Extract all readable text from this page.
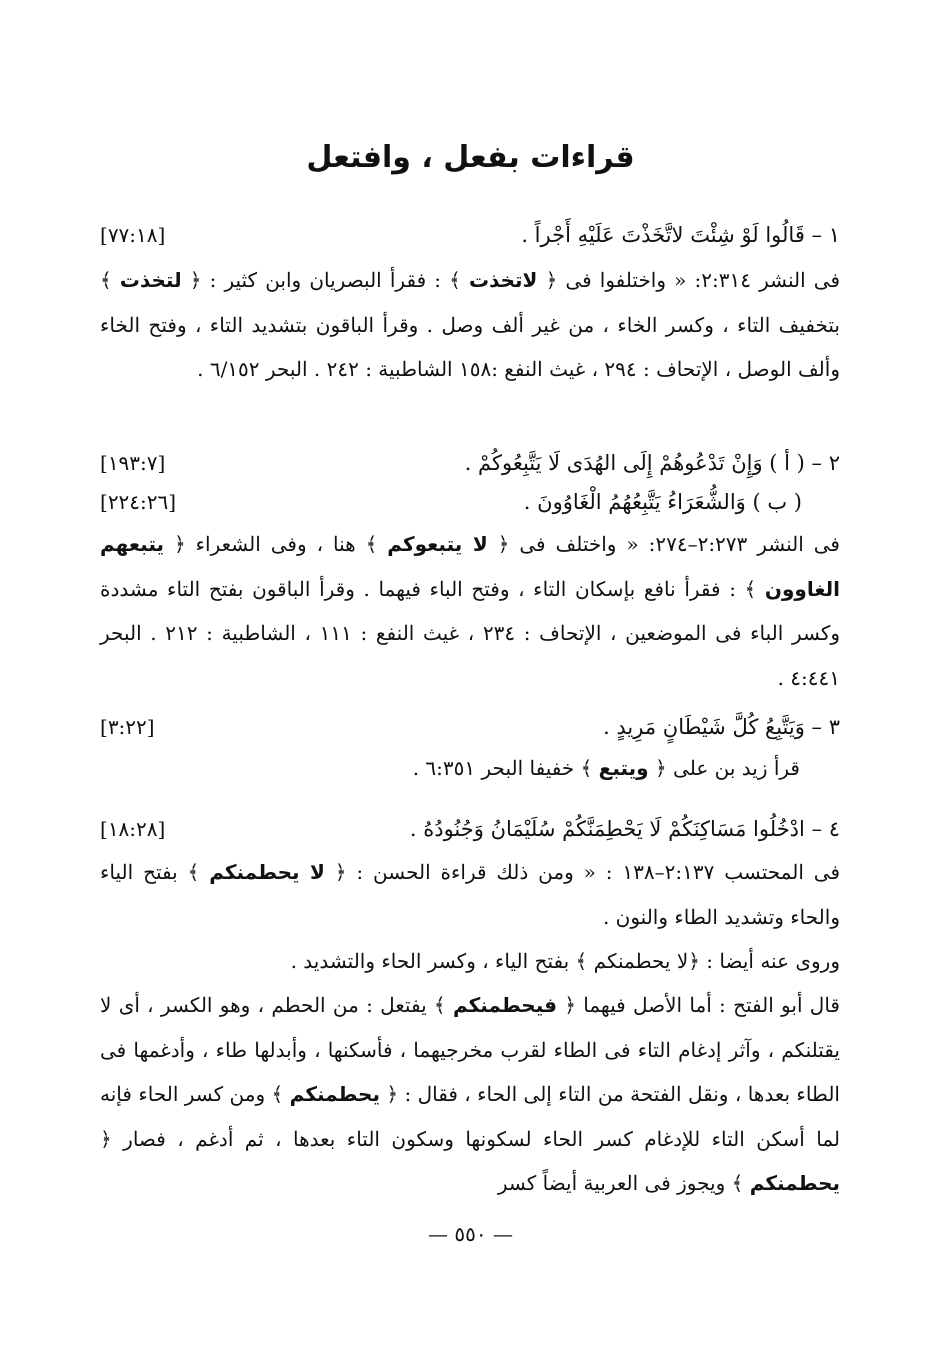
قراءات بفعل ، وافتعل
١ – قَالُوا لَوْ شِئْتَ لاتَّخَذْتَ عَلَيْهِ أَجْراً .
[٧٧:١٨]
فى النشر ٢:٣١٤: « واختلفوا فى ﴿ لاتخذت ﴾ : فقرأ البصريان وابن كثير : ﴿ لتخذت ﴾ بتخفيف التاء ، وكسر الخاء ، من غير ألف وصل . وقرأ الباقون بتشديد التاء ، وفتح الخاء وألف الوصل ، الإتحاف : ٢٩٤ ، غيث النفع :١٥٨ الشاطبية : ٢٤٢ . البحر ٦/١٥٢ .
٢ – ( أ ) وَإِنْ تَدْعُوهُمْ إِلَى الهُدَى لَا يَتَّبِعُوكُمْ .
[١٩٣:٧]
( ب ) وَالشُّعَرَاءُ يَتَّبِعُهُمُ الْغَاوُونَ .
[٢٢٤:٢٦]
فى النشر ٢:٢٧٣–٢٧٤: « واختلف فى ﴿ لا يتبعوكم ﴾ هنا ، وفى الشعراء ﴿ يتبعهم الغاوون ﴾ : فقرأ نافع بإسكان التاء ، وفتح الباء فيهما . وقرأ الباقون بفتح التاء مشددة وكسر الباء فى الموضعين ، الإتحاف : ٢٣٤ ، غيث النفع : ١١١ ، الشاطبية : ٢١٢ . البحر ٤:٤٤١ .
٣ – وَيَتَّبِعُ كُلَّ شَيْطَانٍ مَرِيدٍ .
[٣:٢٢]
قرأ زيد بن على ﴿ ويتبع ﴾ خفيفا البحر ٦:٣٥١ .
٤ – ادْخُلُوا مَسَاكِنَكُمْ لَا يَحْطِمَنَّكُمْ سُلَيْمَانُ وَجُنُودُهُ .
[١٨:٢٨]
فى المحتسب ٢:١٣٧–١٣٨ : « ومن ذلك قراءة الحسن : ﴿ لا يحطمنكم ﴾ بفتح الياء والحاء وتشديد الطاء والنون .
وروى عنه أيضا : ﴿لا يحطمنكم ﴾ بفتح الياء ، وكسر الحاء والتشديد .
قال أبو الفتح : أما الأصل فيهما ﴿ فيحطمنكم ﴾ يفتعل : من الحطم ، وهو الكسر ، أى لا يقتلنكم ، وآثر إدغام التاء فى الطاء لقرب مخرجيهما ، فأسكنها ، وأبدلها طاء ، وأدغمها فى الطاء بعدها ، ونقل الفتحة من التاء إلى الحاء ، فقال : ﴿ يحطمنكم ﴾ ومن كسر الحاء فإنه لما أسكن التاء للإدغام كسر الحاء لسكونها وسكون التاء بعدها ، ثم أدغم ، فصار ﴿ يحطمنكم ﴾ ويجوز فى العربية أيضاً كسر
— ٥٥٠ —
